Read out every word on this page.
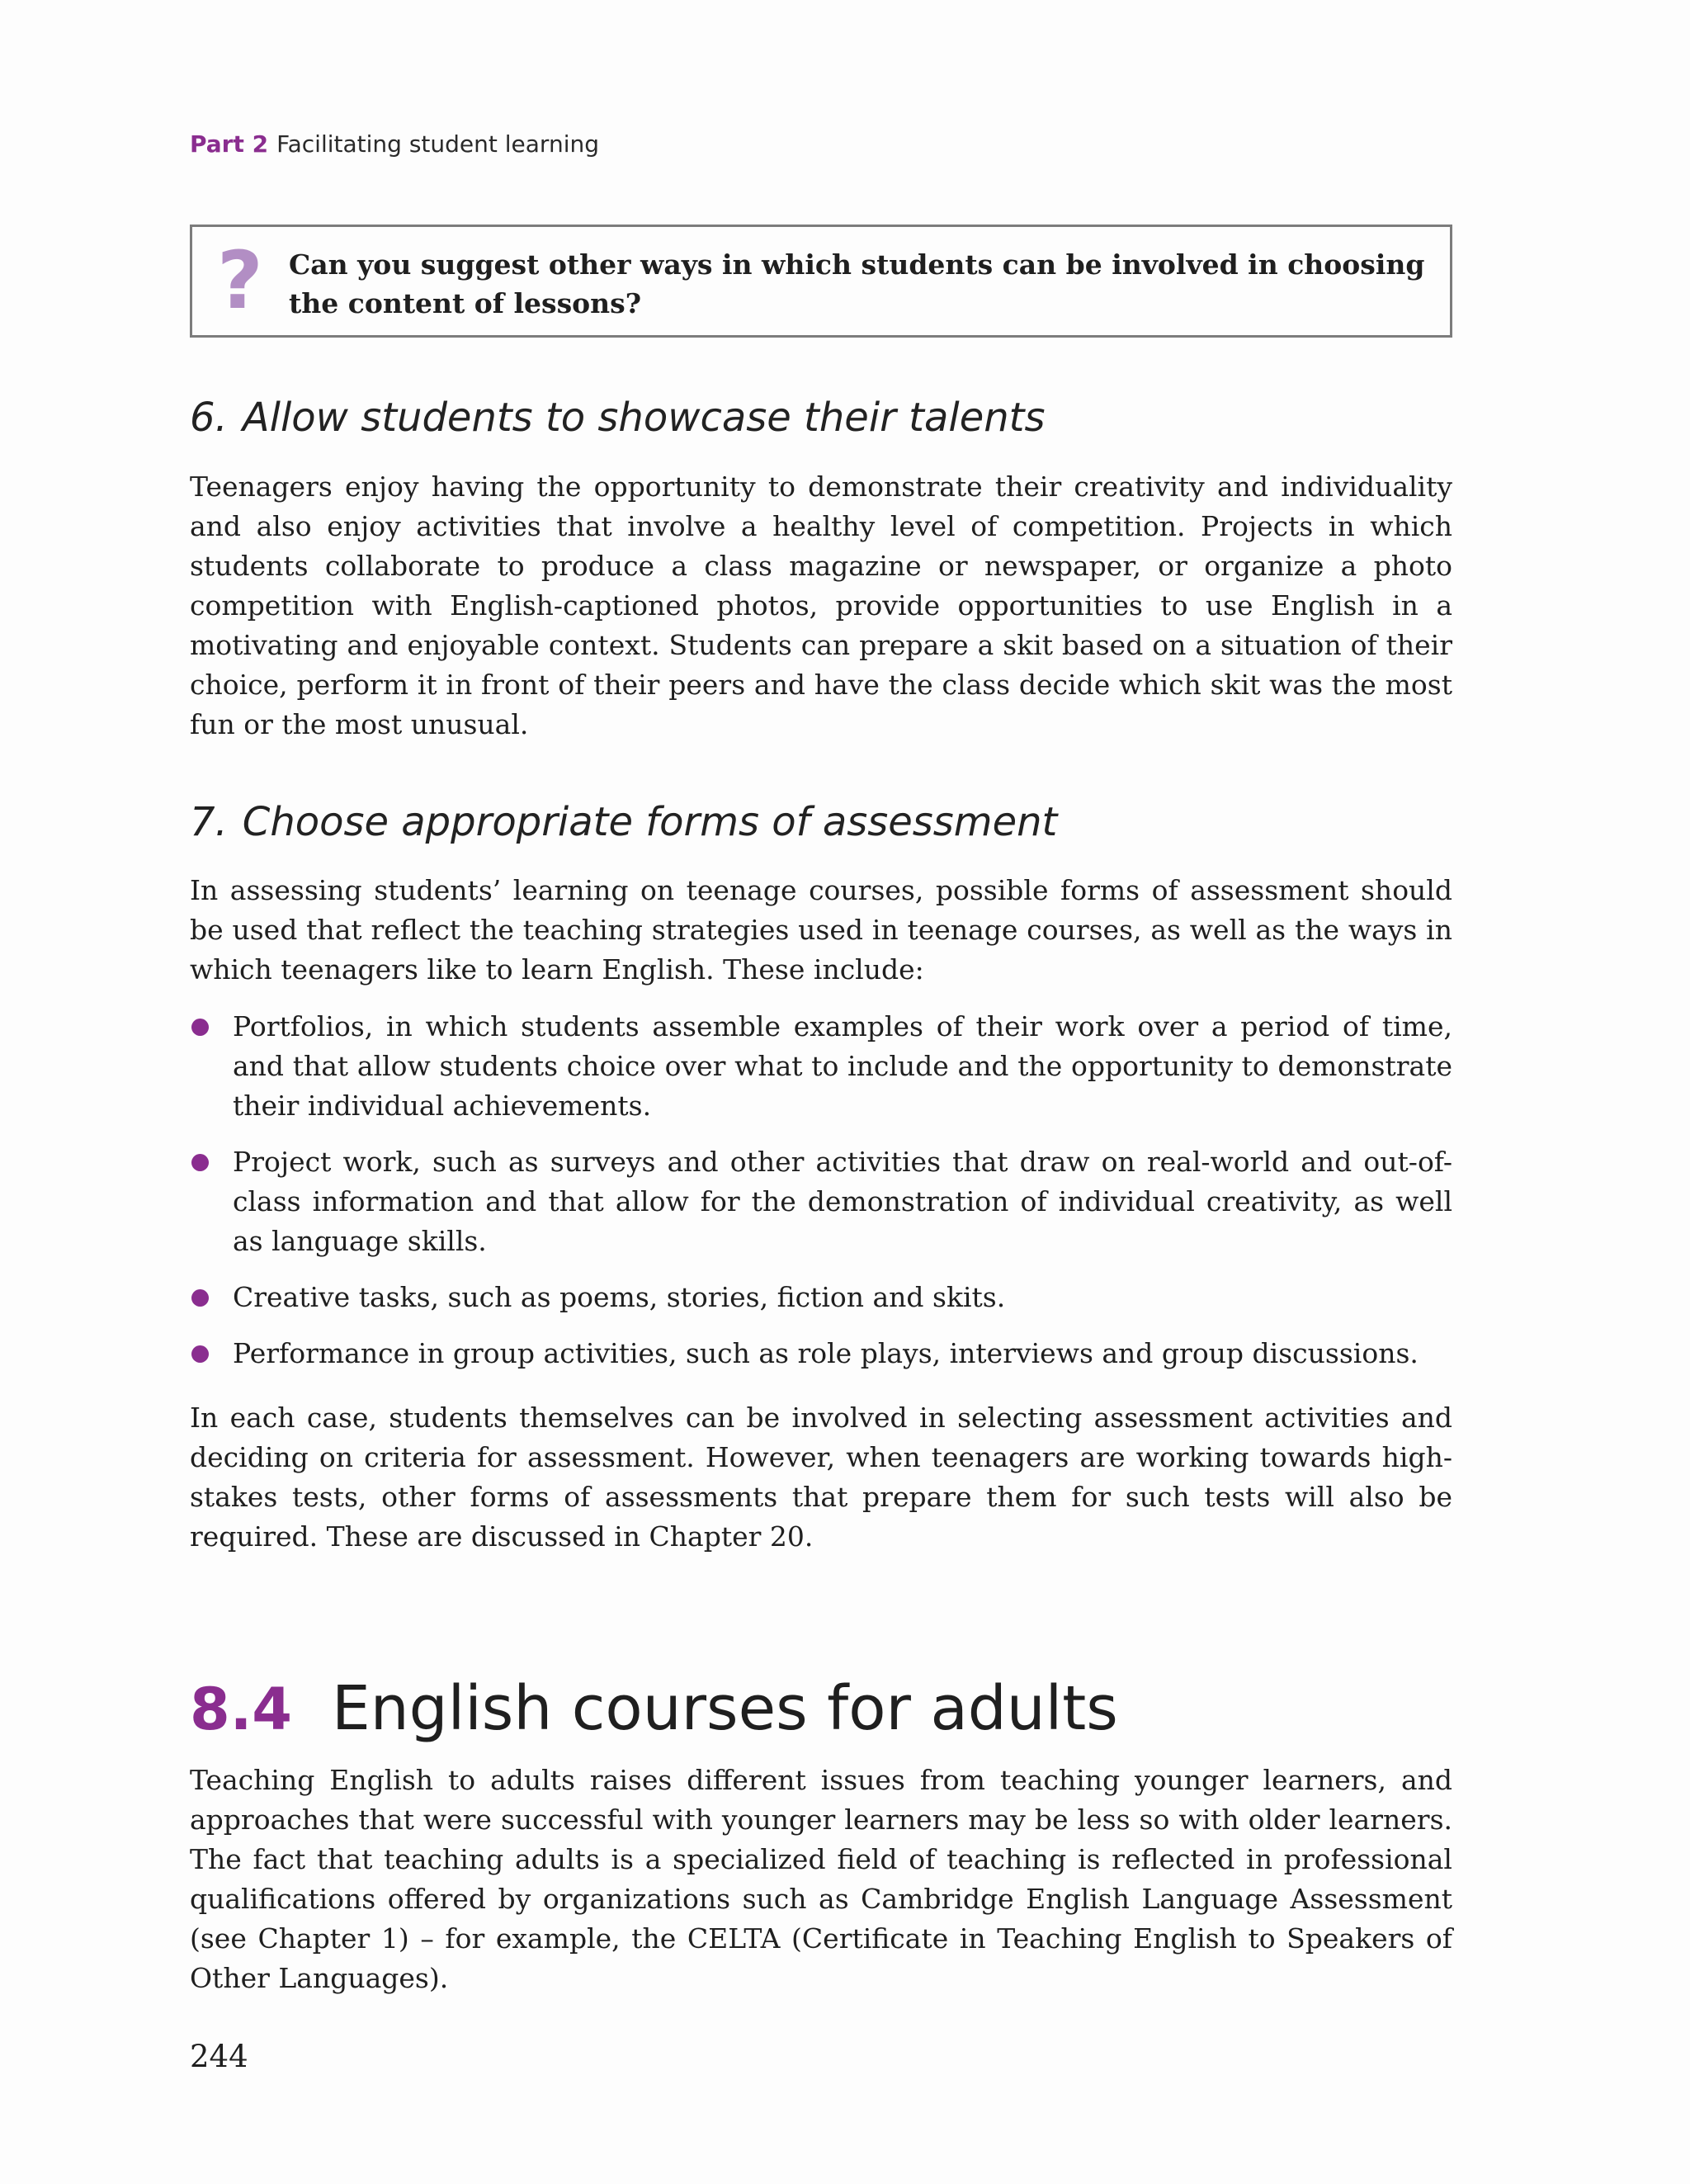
Part 2 Facilitating student learning
? Can you suggest other ways in which students can be involved in choosing the content of lessons?
6. Allow students to showcase their talents

Teenagers enjoy having the opportunity to demonstrate their creativity and individuality and also enjoy activities that involve a healthy level of competition. Projects in which students collaborate to produce a class magazine or newspaper, or organize a photo competition with English-captioned photos, provide opportunities to use English in a motivating and enjoyable context. Students can prepare a skit based on a situation of their choice, perform it in front of their peers and have the class decide which skit was the most fun or the most unusual.

7. Choose appropriate forms of assessment

In assessing students’ learning on teenage courses, possible forms of assessment should be used that reflect the teaching strategies used in teenage courses, as well as the ways in which teenagers like to learn English. These include:

Portfolios, in which students assemble examples of their work over a period of time, and that allow students choice over what to include and the opportunity to demonstrate their individual achievements.
Project work, such as surveys and other activities that draw on real-world and out-of-class information and that allow for the demonstration of individual creativity, as well as language skills.
Creative tasks, such as poems, stories, fiction and skits.
Performance in group activities, such as role plays, interviews and group discussions.

In each case, students themselves can be involved in selecting assessment activities and deciding on criteria for assessment. However, when teenagers are working towards high-stakes tests, other forms of assessments that prepare them for such tests will also be required. These are discussed in Chapter 20.

8.4 English courses for adults

Teaching English to adults raises different issues from teaching younger learners, and approaches that were successful with younger learners may be less so with older learners. The fact that teaching adults is a specialized field of teaching is reflected in professional qualifications offered by organizations such as Cambridge English Language Assessment (see Chapter 1) – for example, the CELTA (Certificate in Teaching English to Speakers of Other Languages).

244
